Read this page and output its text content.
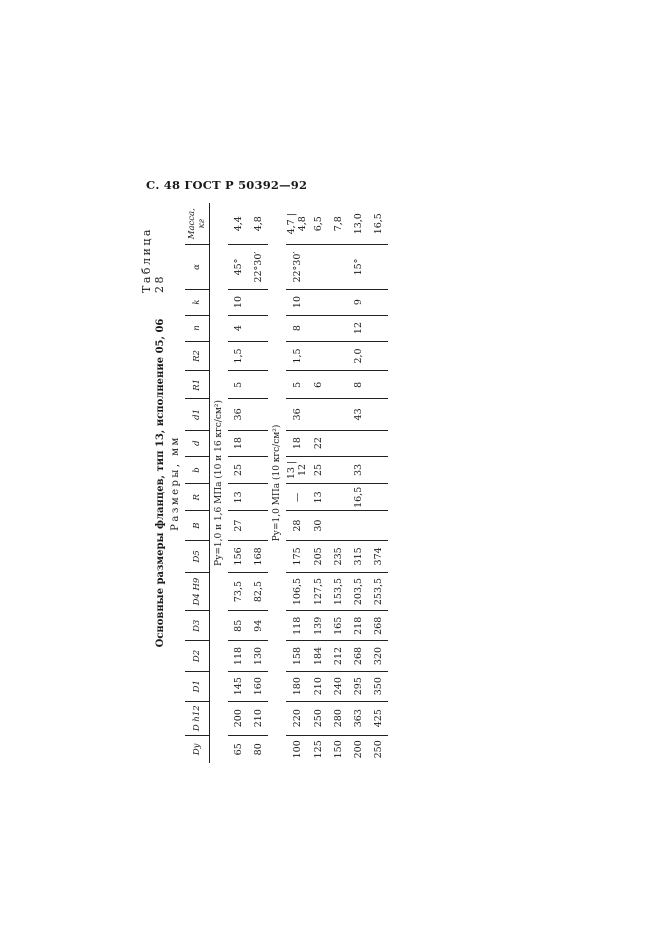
С. 48 ГОСТ Р 50392—92
Таблица 28
Основные размеры фланцев, тип 13, исполнение 05, 06 Размеры, мм
Dу	D h12	D1	D2	D3	D4 H9	D5	B	R	b	d	d1	R1	R2	n	k	α	Масса, кг
Pу=1,0 и 1,6 МПа (10 и 16 кгс/см²)																	
65	200	145	118	85	73,5	156	27	13	25	18	36	5	1,5	4	10	45°	4,4
80	210	160	130	94	82,5	168										22°30′	4,8
Pу=1,0 МПа (10 кгс/см²)																	
100	220	180	158	118	106,5	175	28	—	13 | 12	18	36	5	1,5	8	10	22°30′	4,7 | 4,8
125	250	210	184	139	127,5	205	30	13	25	22		6					6,5
150	280	240	212	165	153,5	235											7,8
200	363	295	268	218	203,5	315		16,5	33		43	8	2,0	12	9	15°	13,0
250	425	350	320	268	253,5	374											16,5
